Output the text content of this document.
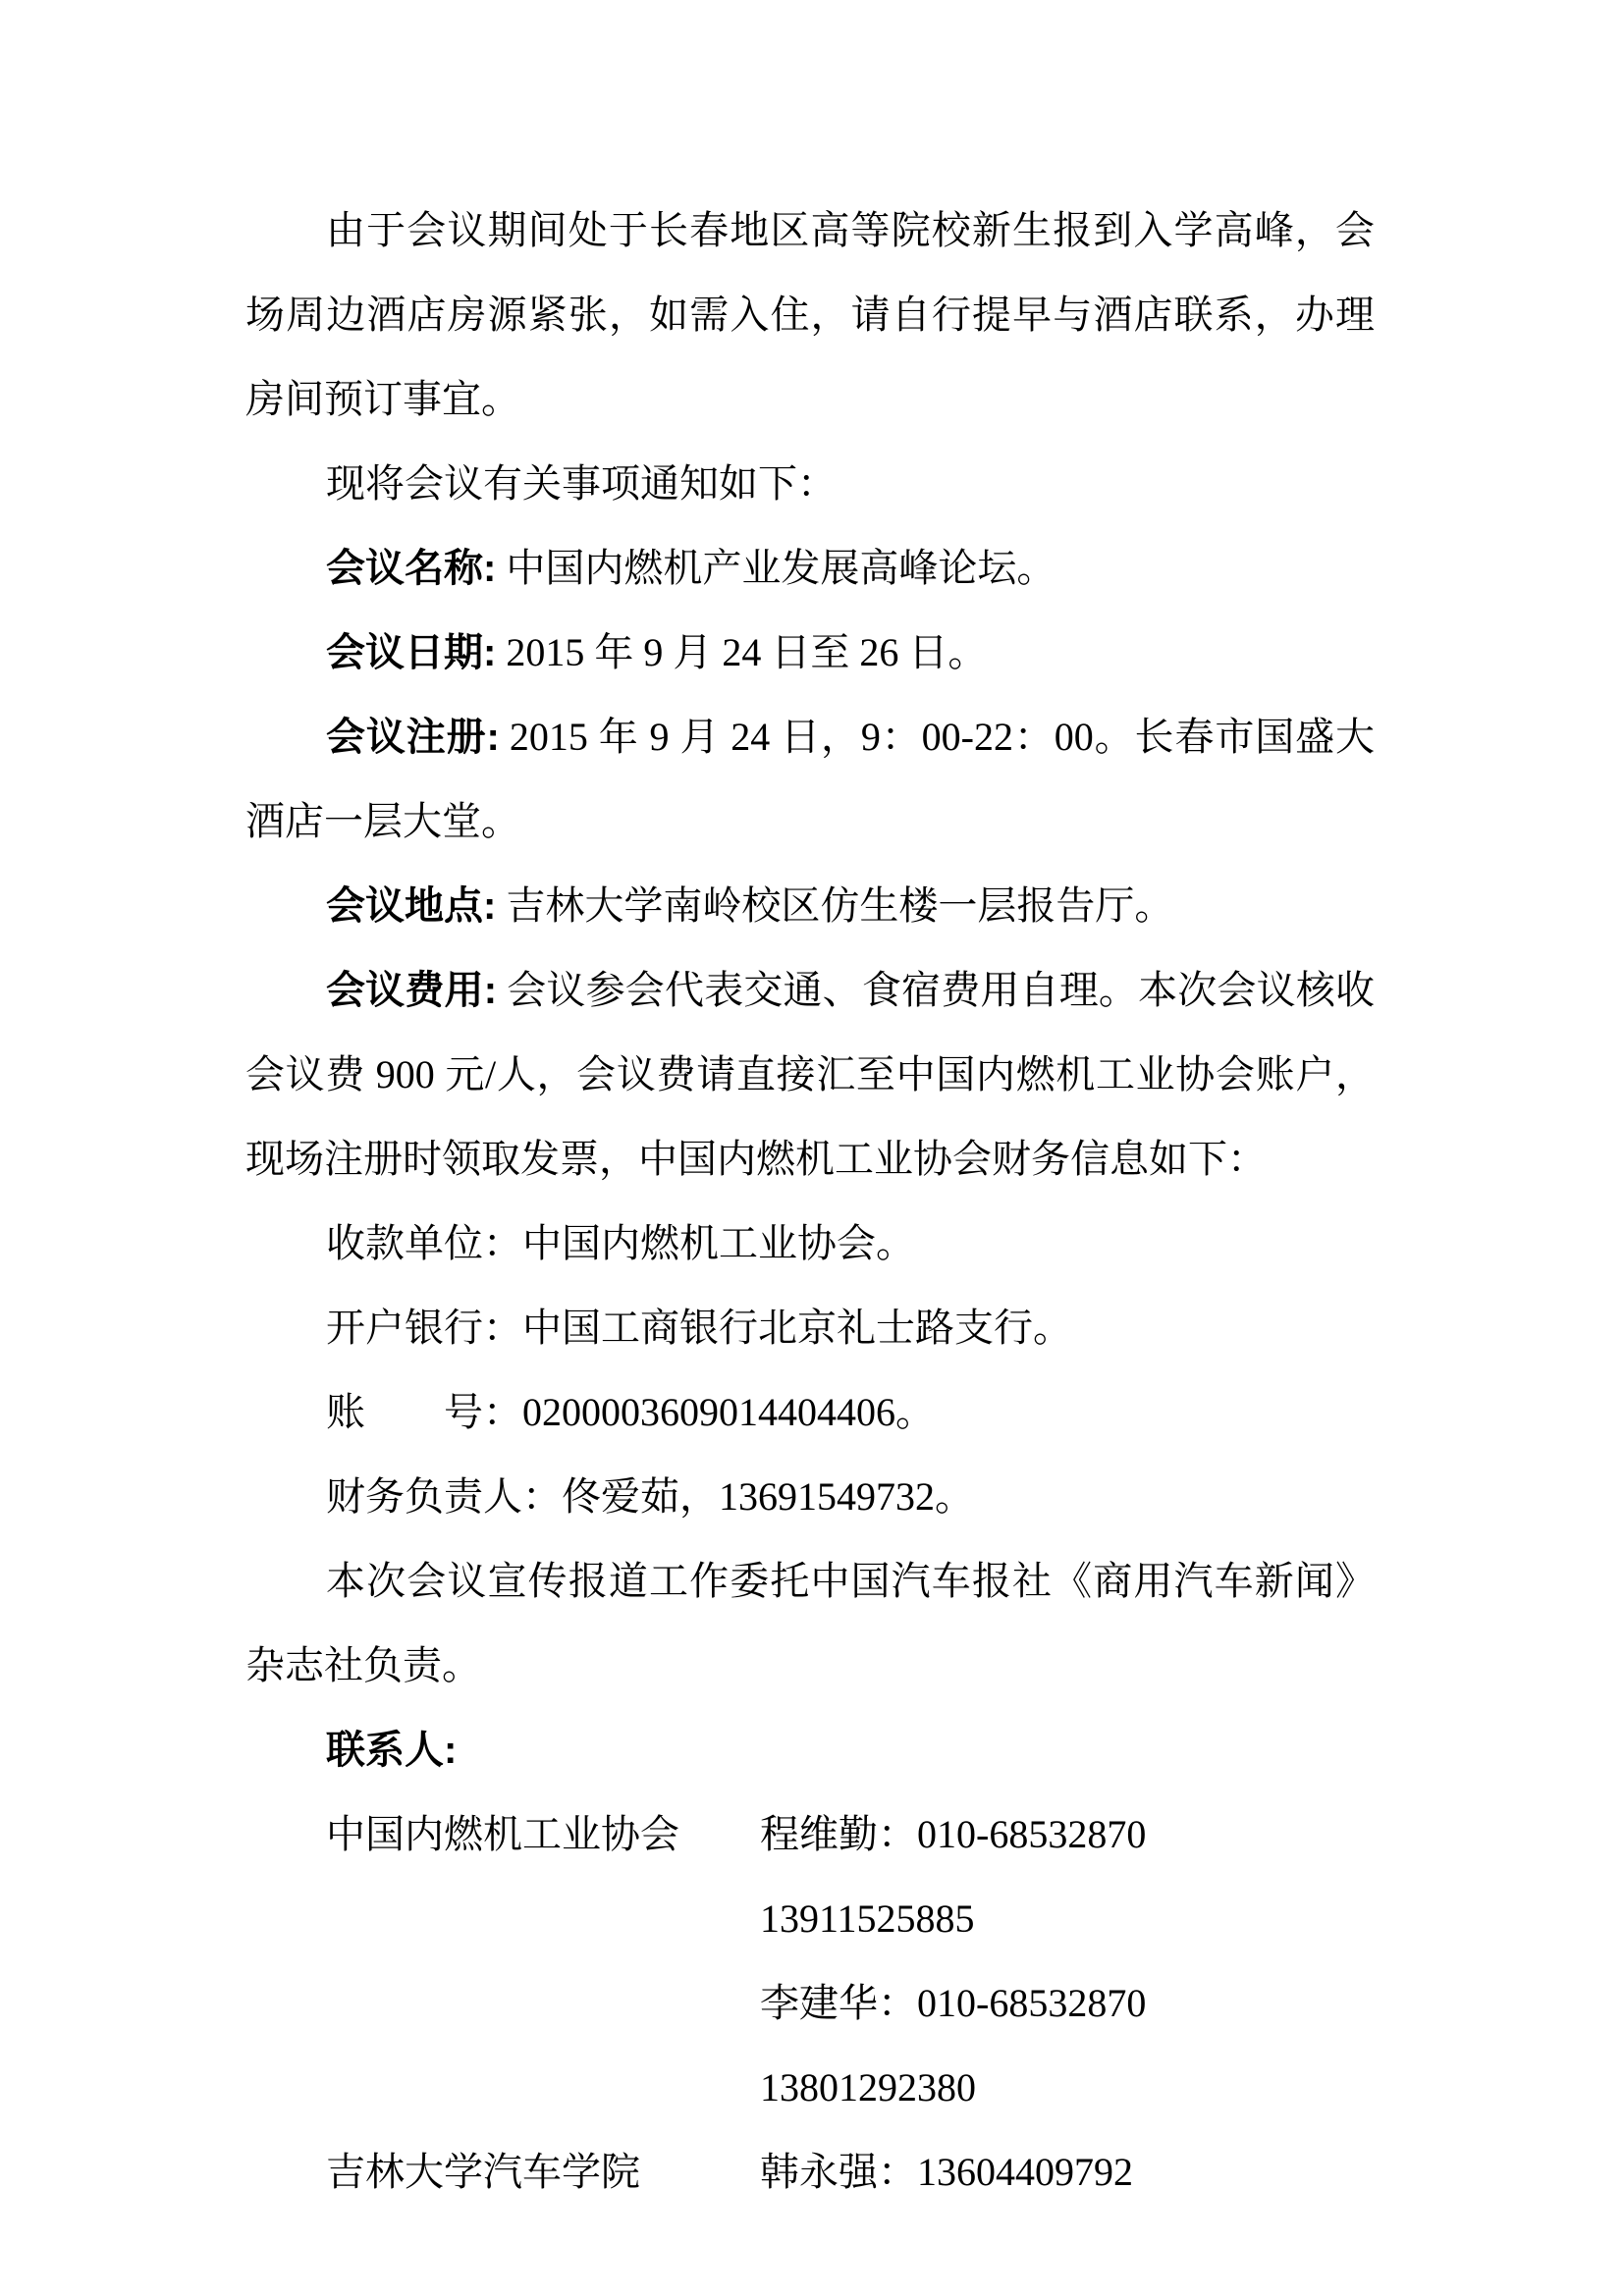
由于会议期间处于长春地区高等院校新生报到入学高峰，会场周边酒店房源紧张，如需入住，请自行提早与酒店联系，办理房间预订事宜。

现将会议有关事项通知如下：

会议名称: 中国内燃机产业发展高峰论坛。

会议日期: 2015 年 9 月 24 日至 26 日。

会议注册: 2015 年 9 月 24 日，9：00-22：00。长春市国盛大酒店一层大堂。

会议地点: 吉林大学南岭校区仿生楼一层报告厅。

会议费用: 会议参会代表交通、食宿费用自理。本次会议核收会议费 900 元/人，会议费请直接汇至中国内燃机工业协会账户，现场注册时领取发票，中国内燃机工业协会财务信息如下：

收款单位：中国内燃机工业协会。

开户银行：中国工商银行北京礼士路支行。

账　　号：0200003609014404406。

财务负责人：佟爱茹，13691549732。

本次会议宣传报道工作委托中国汽车报社《商用汽车新闻》杂志社负责。

联系人:

中国内燃机工业协会	程维勤：010-68532870　13911525885
李建华：010-68532870　13801292380
吉林大学汽车学院	韩永强：13604409792
